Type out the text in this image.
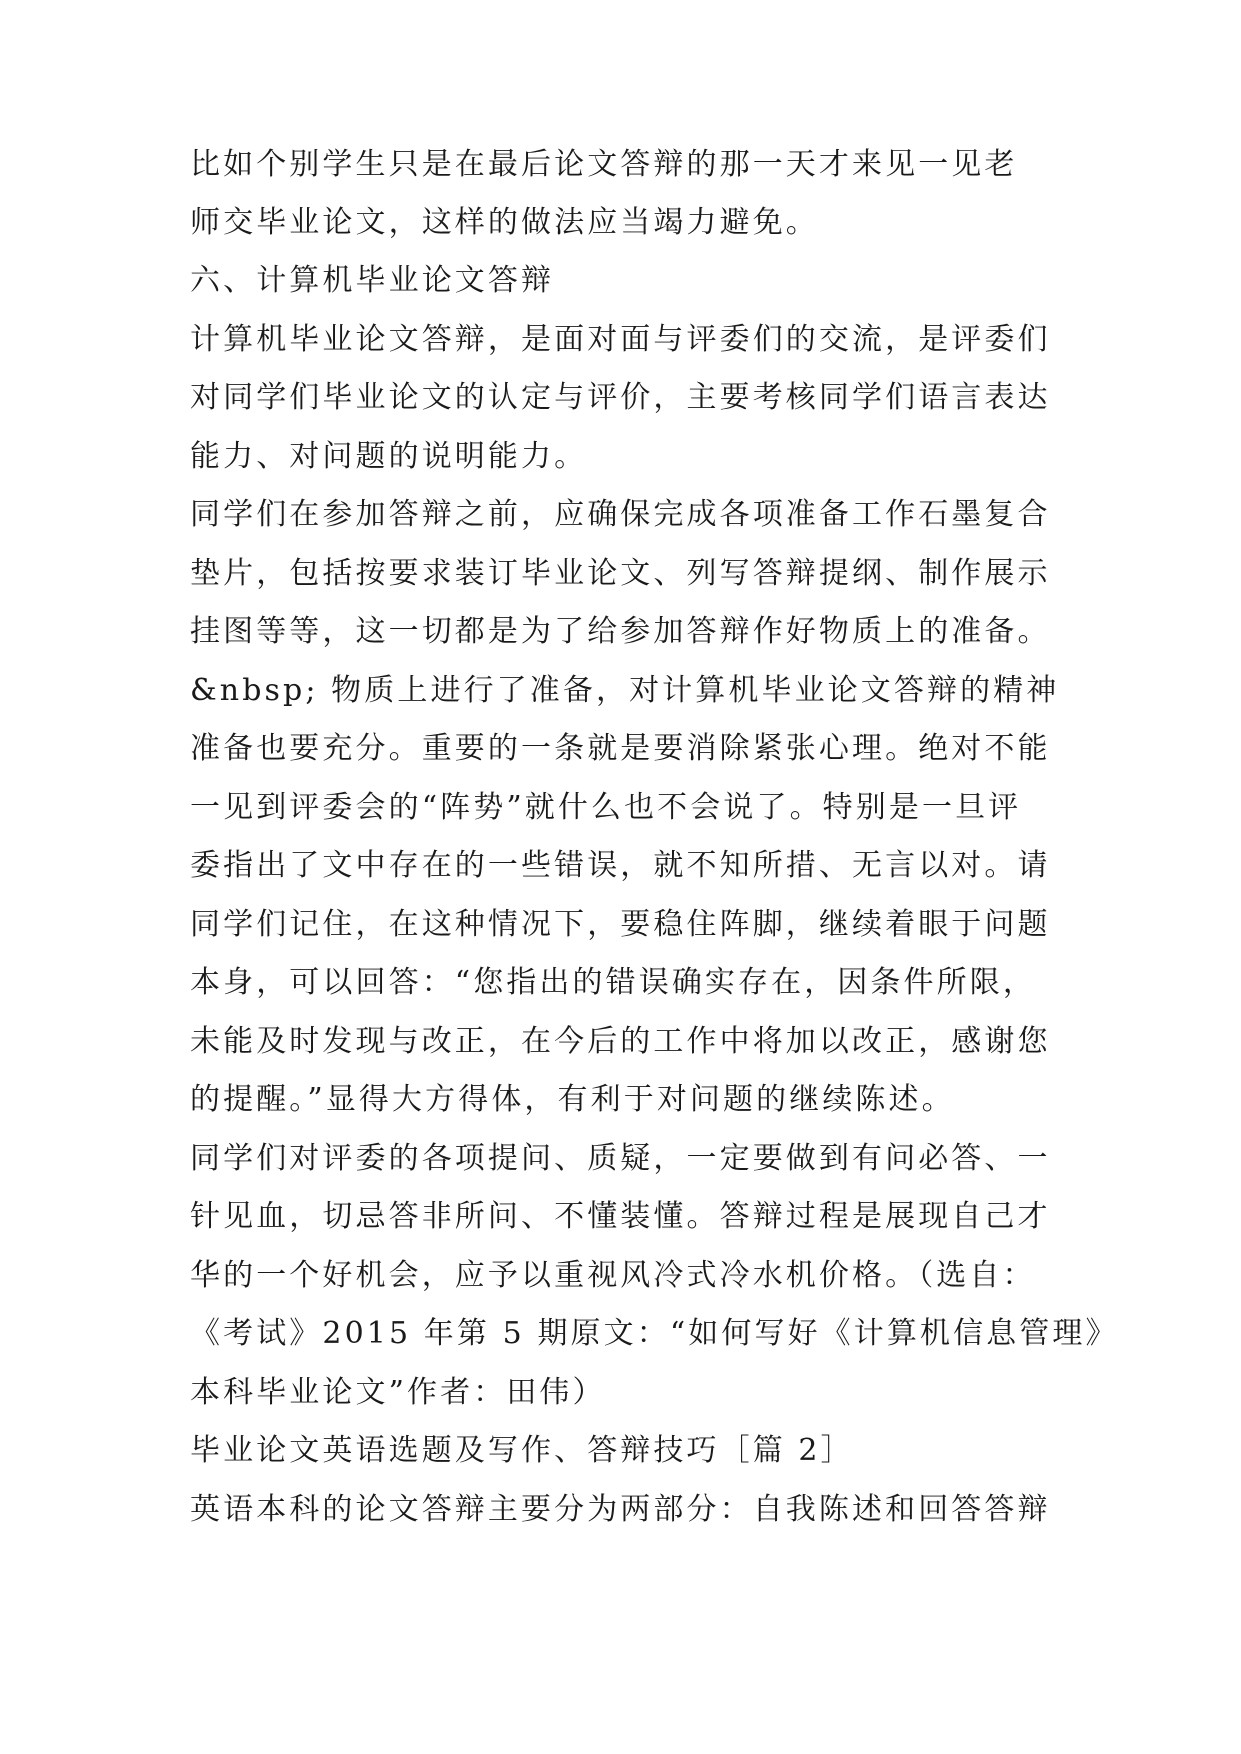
比如个别学生只是在最后论文答辩的那一天才来见一见老
师交毕业论文，这样的做法应当竭力避免。
六、计算机毕业论文答辩
计算机毕业论文答辩，是面对面与评委们的交流，是评委们
对同学们毕业论文的认定与评价，主要考核同学们语言表达
能力、对问题的说明能力。
同学们在参加答辩之前，应确保完成各项准备工作石墨复合
垫片，包括按要求装订毕业论文、列写答辩提纲、制作展示
挂图等等，这一切都是为了给参加答辩作好物质上的准备。
&nbsp; 物质上进行了准备，对计算机毕业论文答辩的精神
准备也要充分。重要的一条就是要消除紧张心理。绝对不能
一见到评委会的“阵势”就什么也不会说了。特别是一旦评
委指出了文中存在的一些错误，就不知所措、无言以对。请
同学们记住，在这种情况下，要稳住阵脚，继续着眼于问题
本身，可以回答：“您指出的错误确实存在，因条件所限，
未能及时发现与改正，在今后的工作中将加以改正，感谢您
的提醒。”显得大方得体，有利于对问题的继续陈述。
同学们对评委的各项提问、质疑，一定要做到有问必答、一
针见血，切忌答非所问、不懂装懂。答辩过程是展现自己才
华的一个好机会，应予以重视风冷式冷水机价格。（选自：
《考试》2015 年第 5 期原文：“如何写好《计算机信息管理》
本科毕业论文”作者：田伟）
毕业论文英语选题及写作、答辩技巧［篇 2］
英语本科的论文答辩主要分为两部分：自我陈述和回答答辩
